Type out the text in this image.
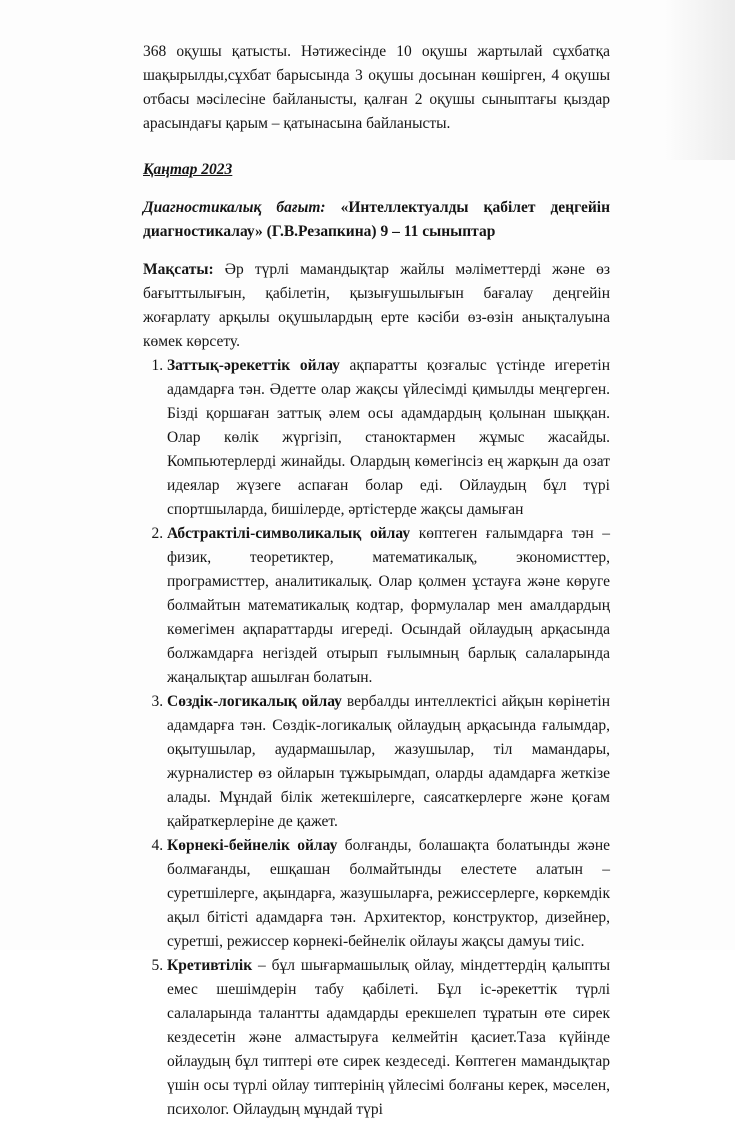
368 оқушы қатысты. Нәтижесінде 10 оқушы жартылай сұхбатқа шақырылды,сұхбат барысында 3 оқушы досынан көшірген, 4 оқушы отбасы мәсілесіне байланысты, қалған 2 оқушы сыныптағы қыздар арасындағы қарым – қатынасына байланысты.

Қаңтар 2023

Диагностикалық бағыт: «Интеллектуалды қабілет деңгейін диагностикалау» (Г.В.Резапкина) 9 – 11 сыныптар

Мақсаты: Әр түрлі мамандықтар жайлы мәліметтерді және өз бағыттылығын, қабілетін, қызығушылығын бағалау деңгейін жоғарлату арқылы оқушылардың ерте кәсіби өз-өзін анықталуына көмек көрсету.

1. Заттық-әрекеттік ойлау ақпаратты қозғалыс үстінде игеретін адамдарға тән. Әдетте олар жақсы үйлесімді қимылды меңгерген. Бізді қоршаған заттық әлем осы адамдардың қолынан шыққан. Олар көлік жүргізіп, станоктармен жұмыс жасайды. Компьютерлерді жинайды. Олардың көмегінсіз ең жарқын да озат идеялар жүзеге аспаған болар еді. Ойлаудың бұл түрі спортшыларда, бишілерде, әртістерде жақсы дамыған
2. Абстрактілі-символикалық ойлау көптеген ғалымдарға тән – физик, теоретиктер, математикалық, экономисттер, програмисттер, аналитикалық. Олар қолмен ұстауға және көруге болмайтын математикалық кодтар, формулалар мен амалдардың көмегімен ақпараттарды игереді. Осындай ойлаудың арқасында болжамдарға негіздей отырып ғылымның барлық салаларында жаңалықтар ашылған болатын.
3. Сөздік-логикалық ойлау вербалды интеллектісі айқын көрінетін адамдарға тән. Сөздік-логикалық ойлаудың арқасында ғалымдар, оқытушылар, аудармашылар, жазушылар, тіл мамандары, журналистер өз ойларын тұжырымдап, оларды адамдарға жеткізе алады. Мұндай білік жетекшілерге, саясаткерлерге және қоғам қайраткерлеріне де қажет.
4. Көрнекі-бейнелік ойлау болғанды, болашақта болатынды және болмағанды, ешқашан болмайтынды елестете алатын – суретшілерге, ақындарға, жазушыларға, режиссерлерге, көркемдік ақыл бітісті адамдарға тән. Архитектор, конструктор, дизейнер, суретші, режиссер көрнекі-бейнелік ойлауы жақсы дамуы тиіс.
5. Кретивтілік – бұл шығармашылық ойлау, міндеттердің қалыпты емес шешімдерін табу қабілеті. Бұл іс-әрекеттік түрлі салаларында талантты адамдарды ерекшелеп тұратын өте сирек кездесетін және алмастыруға келмейтін қасиет.Таза күйінде ойлаудың бұл типтері өте сирек кездеседі. Көптеген мамандықтар үшін осы түрлі ойлау типтерінің үйлесімі болғаны керек, мәселен, психолог. Ойлаудың мұндай түрі
